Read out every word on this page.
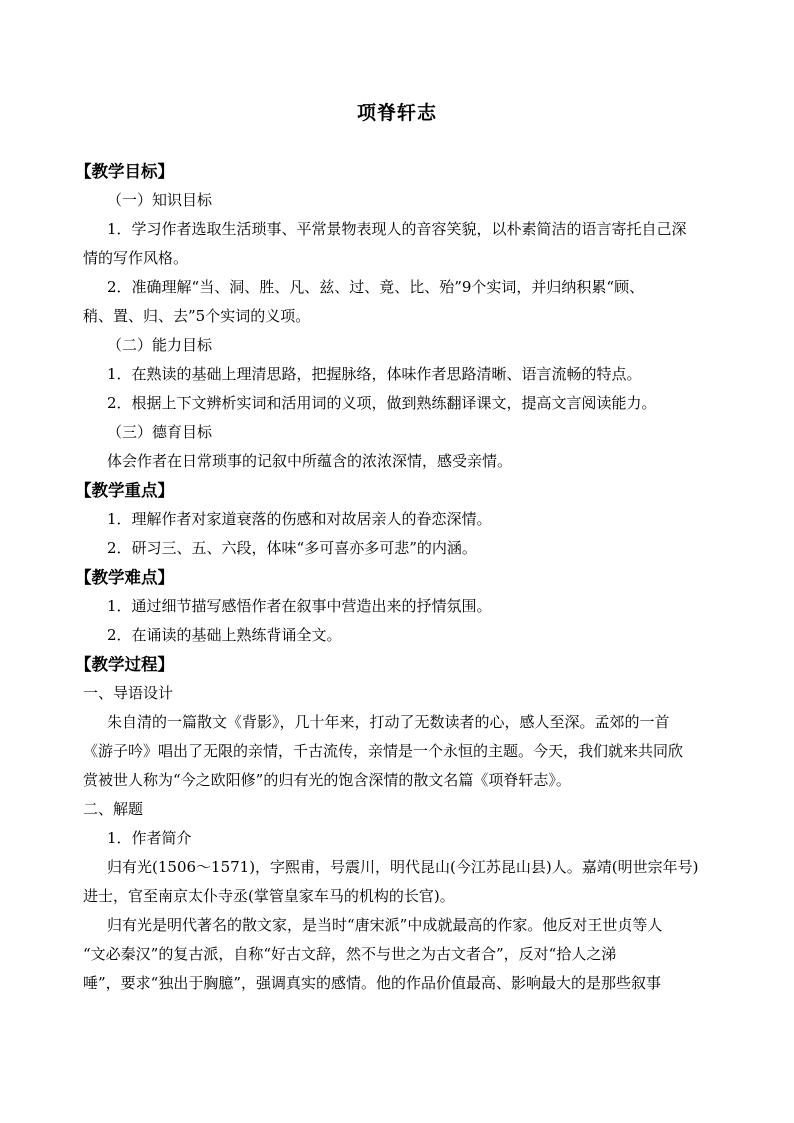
项脊轩志
【教学目标】
（一）知识目标
1．学习作者选取生活琐事、平常景物表现人的音容笑貌，以朴素简洁的语言寄托自己深
情的写作风格。
2．准确理解“当、洞、胜、凡、兹、过、竟、比、殆”9个实词，并归纳积累“顾、
稍、置、归、去”5个实词的义项。
（二）能力目标
1．在熟读的基础上理清思路，把握脉络，体味作者思路清晰、语言流畅的特点。
2．根据上下文辨析实词和活用词的义项，做到熟练翻译课文，提高文言阅读能力。
（三）德育目标
体会作者在日常琐事的记叙中所蕴含的浓浓深情，感受亲情。
【教学重点】
1．理解作者对家道衰落的伤感和对故居亲人的眷恋深情。
2．研习三、五、六段，体味“多可喜亦多可悲”的内涵。
【教学难点】
1．通过细节描写感悟作者在叙事中营造出来的抒情氛围。
2．在诵读的基础上熟练背诵全文。
【教学过程】
一、导语设计
朱自清的一篇散文《背影》，几十年来，打动了无数读者的心，感人至深。孟郊的一首
《游子吟》唱出了无限的亲情，千古流传，亲情是一个永恒的主题。今天，我们就来共同欣
赏被世人称为“今之欧阳修”的归有光的饱含深情的散文名篇《项脊轩志》。
二、解题
1．作者简介
归有光(1506～1571)，字熙甫，号震川，明代昆山(今江苏昆山县)人。嘉靖(明世宗年号)
进士，官至南京太仆寺丞(掌管皇家车马的机构的长官)。
归有光是明代著名的散文家，是当时“唐宋派”中成就最高的作家。他反对王世贞等人
“文必秦汉”的复古派，自称“好古文辞，然不与世之为古文者合”，反对“拾人之涕
唾”，要求“独出于胸臆”，强调真实的感情。他的作品价值最高、影响最大的是那些叙事
